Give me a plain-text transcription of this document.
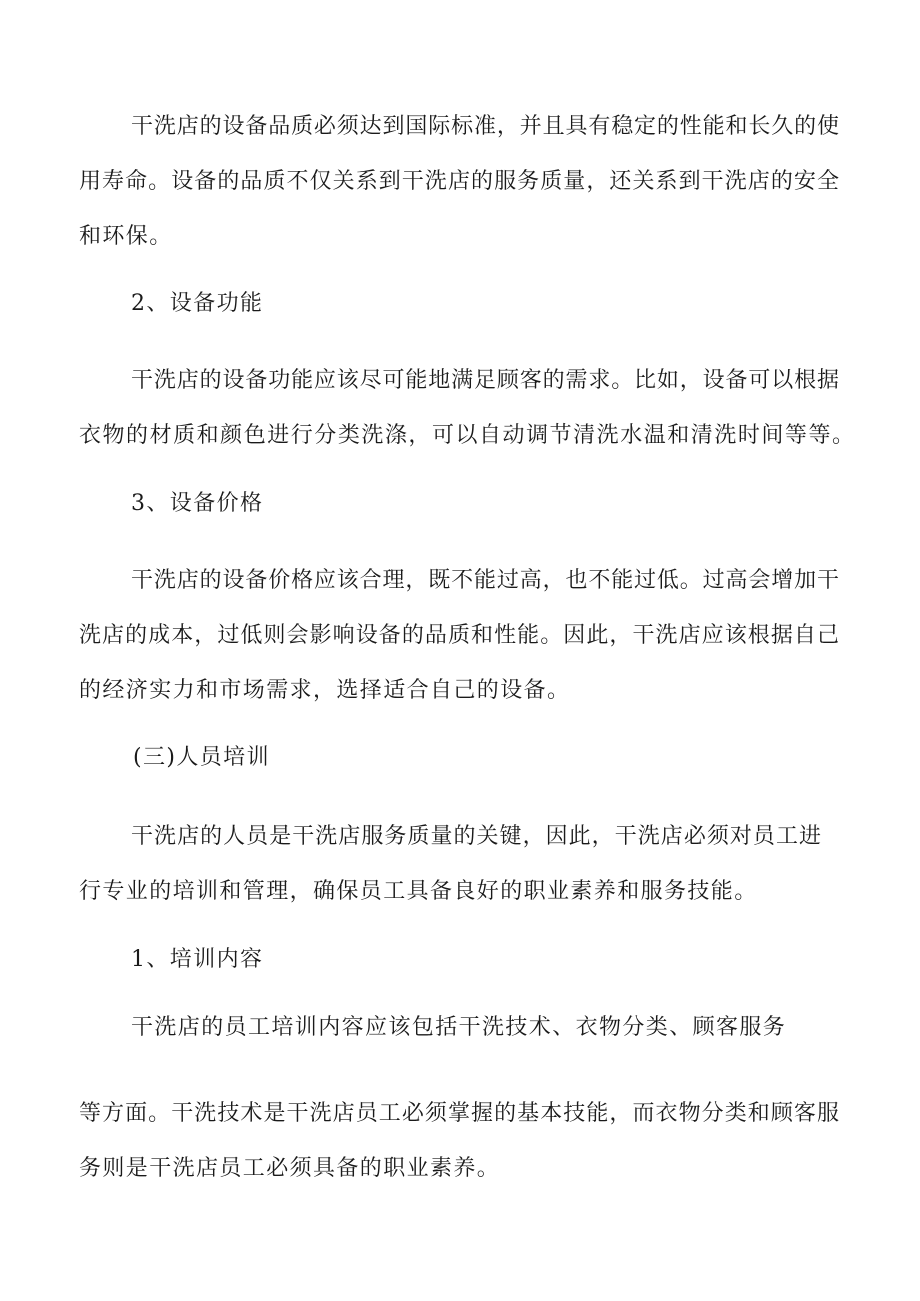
干洗店的设备品质必须达到国际标准，并且具有稳定的性能和长久的使
用寿命。设备的品质不仅关系到干洗店的服务质量，还关系到干洗店的安全
和环保。
2、设备功能
干洗店的设备功能应该尽可能地满足顾客的需求。比如，设备可以根据
衣物的材质和颜色进行分类洗涤，可以自动调节清洗水温和清洗时间等等。
3、设备价格
干洗店的设备价格应该合理，既不能过高，也不能过低。过高会增加干
洗店的成本，过低则会影响设备的品质和性能。因此，干洗店应该根据自己
的经济实力和市场需求，选择适合自己的设备。
(三)人员培训
干洗店的人员是干洗店服务质量的关键，因此，干洗店必须对员工进
行专业的培训和管理，确保员工具备良好的职业素养和服务技能。
1、培训内容
干洗店的员工培训内容应该包括干洗技术、衣物分类、顾客服务
等方面。干洗技术是干洗店员工必须掌握的基本技能，而衣物分类和顾客服
务则是干洗店员工必须具备的职业素养。
